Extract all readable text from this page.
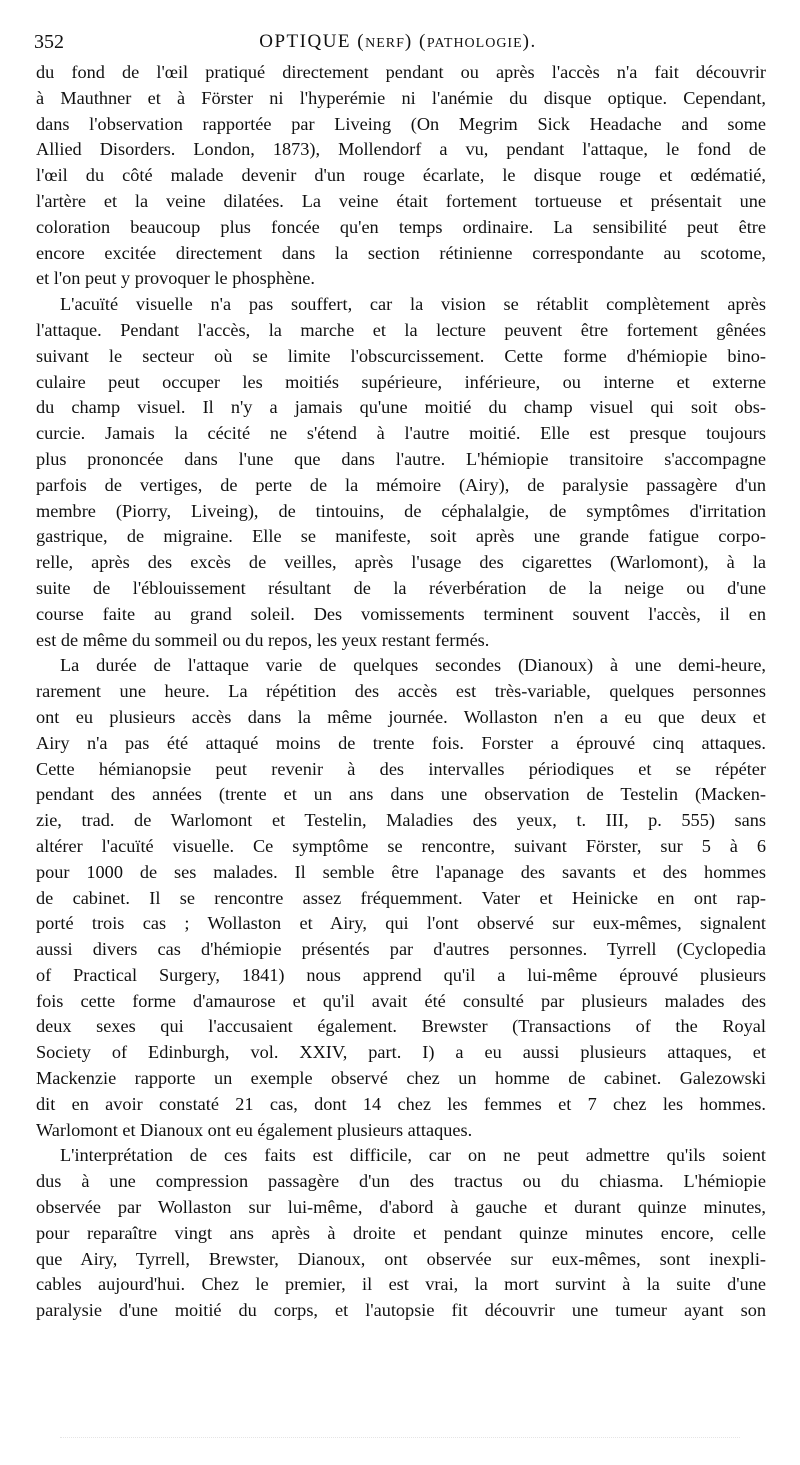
352	OPTIQUE (NERF) (PATHOLOGIE).
du fond de l'œil pratiqué directement pendant ou après l'accès n'a fait découvrir
à Mauthner et à Förster ni l'hyperémie ni l'anémie du disque optique. Cependant,
dans l'observation rapportée par Liveing (On Megrim Sick Headache and some
Allied Disorders. London, 1873), Mollendorf a vu, pendant l'attaque, le fond de
l'œil du côté malade devenir d'un rouge écarlate, le disque rouge et œdématié,
l'artère et la veine dilatées. La veine était fortement tortueuse et présentait une
coloration beaucoup plus foncée qu'en temps ordinaire. La sensibilité peut être
encore excitée directement dans la section rétinienne correspondante au scotome,
et l'on peut y provoquer le phosphène.
L'acuïté visuelle n'a pas souffert, car la vision se rétablit complètement après
l'attaque. Pendant l'accès, la marche et la lecture peuvent être fortement gênées
suivant le secteur où se limite l'obscurcissement. Cette forme d'hémiopie bino-
culaire peut occuper les moitiés supérieure, inférieure, ou interne et externe
du champ visuel. Il n'y a jamais qu'une moitié du champ visuel qui soit obs-
curcie. Jamais la cécité ne s'étend à l'autre moitié. Elle est presque toujours
plus prononcée dans l'une que dans l'autre. L'hémiopie transitoire s'accompagne
parfois de vertiges, de perte de la mémoire (Airy), de paralysie passagère d'un
membre (Piorry, Liveing), de tintouins, de céphalalgie, de symptômes d'irritation
gastrique, de migraine. Elle se manifeste, soit après une grande fatigue corpo-
relle, après des excès de veilles, après l'usage des cigarettes (Warlomont), à la
suite de l'éblouissement résultant de la réverbération de la neige ou d'une
course faite au grand soleil. Des vomissements terminent souvent l'accès, il en
est de même du sommeil ou du repos, les yeux restant fermés.
La durée de l'attaque varie de quelques secondes (Dianoux) à une demi-heure,
rarement une heure. La répétition des accès est très-variable, quelques personnes
ont eu plusieurs accès dans la même journée. Wollaston n'en a eu que deux et
Airy n'a pas été attaqué moins de trente fois. Forster a éprouvé cinq attaques.
Cette hémianopsie peut revenir à des intervalles périodiques et se répéter
pendant des années (trente et un ans dans une observation de Testelin (Macken-
zie, trad. de Warlomont et Testelin, Maladies des yeux, t. III, p. 555) sans
altérer l'acuïté visuelle. Ce symptôme se rencontre, suivant Förster, sur 5 à 6
pour 1000 de ses malades. Il semble être l'apanage des savants et des hommes
de cabinet. Il se rencontre assez fréquemment. Vater et Heinicke en ont rap-
porté trois cas ; Wollaston et Airy, qui l'ont observé sur eux-mêmes, signalent
aussi divers cas d'hémiopie présentés par d'autres personnes. Tyrrell (Cyclopedia
of Practical Surgery, 1841) nous apprend qu'il a lui-même éprouvé plusieurs
fois cette forme d'amaurose et qu'il avait été consulté par plusieurs malades des
deux sexes qui l'accusaient également. Brewster (Transactions of the Royal
Society of Edinburgh, vol. XXIV, part. I) a eu aussi plusieurs attaques, et
Mackenzie rapporte un exemple observé chez un homme de cabinet. Galezowski
dit en avoir constaté 21 cas, dont 14 chez les femmes et 7 chez les hommes.
Warlomont et Dianoux ont eu également plusieurs attaques.
L'interprétation de ces faits est difficile, car on ne peut admettre qu'ils soient
dus à une compression passagère d'un des tractus ou du chiasma. L'hémiopie
observée par Wollaston sur lui-même, d'abord à gauche et durant quinze minutes,
pour reparaître vingt ans après à droite et pendant quinze minutes encore, celle
que Airy, Tyrrell, Brewster, Dianoux, ont observée sur eux-mêmes, sont inexpli-
cables aujourd'hui. Chez le premier, il est vrai, la mort survint à la suite d'une
paralysie d'une moitié du corps, et l'autopsie fit découvrir une tumeur ayant son
